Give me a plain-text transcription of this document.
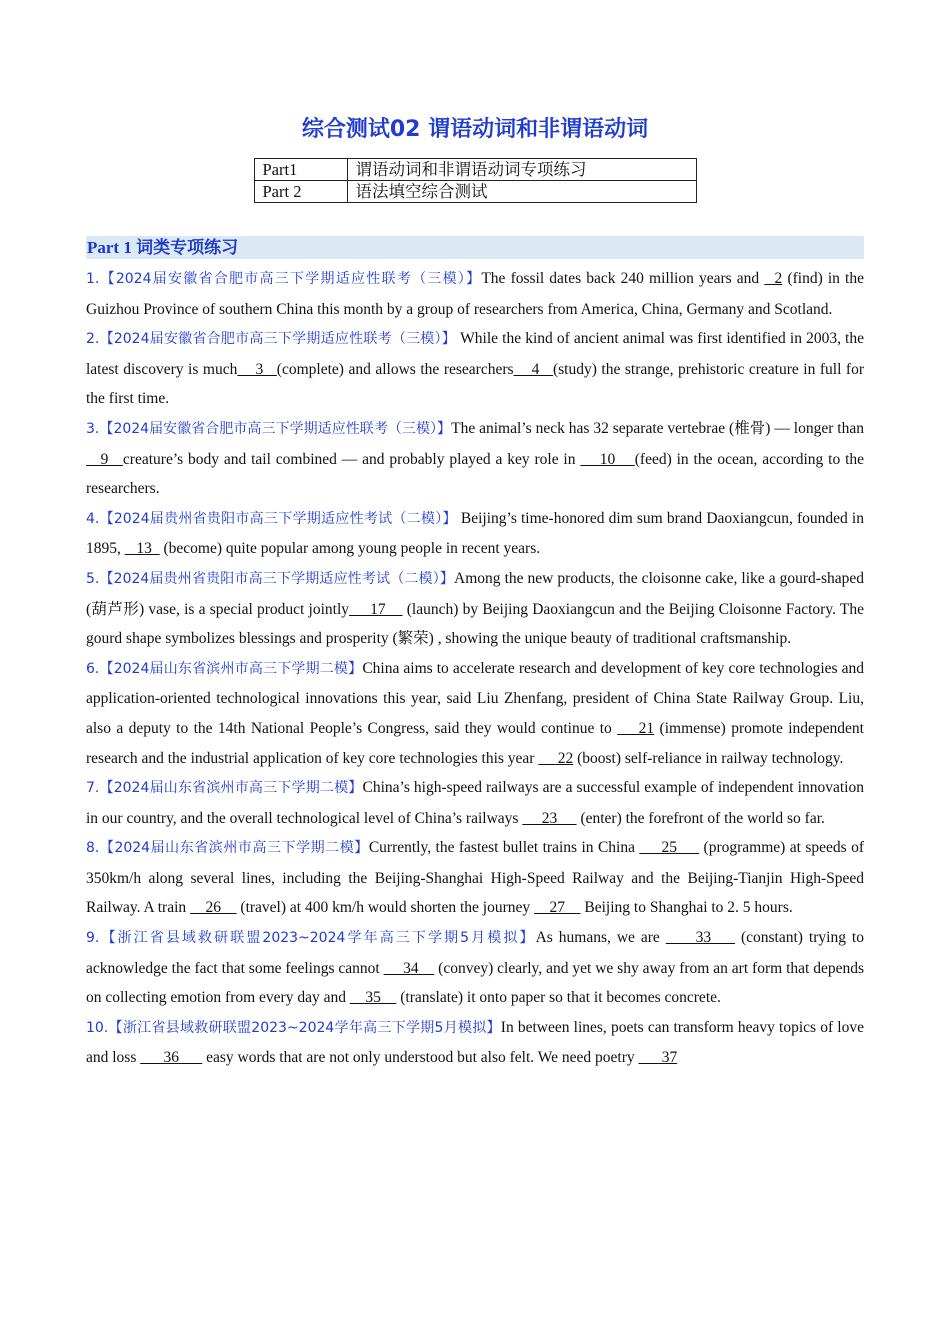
综合测试02 谓语动词和非谓语动词
Part1	谓语动词和非谓语动词专项练习
Part 2	语法填空综合测试
Part 1 词类专项练习
1.【2024届安徽省合肥市高三下学期适应性联考（三模）】The fossil dates back 240 million years and   2 (find) in the Guizhou Province of southern China this month by a group of researchers from America, China, Germany and Scotland.
2.【2024届安徽省合肥市高三下学期适应性联考（三模）】 While the kind of ancient animal was first identified in 2003, the latest discovery is much    3   (complete) and allows the researchers    4   (study) the strange, prehistoric creature in full for the first time.
3.【2024届安徽省合肥市高三下学期适应性联考（三模）】The animal’s neck has 32 separate vertebrae (椎骨) — longer than    9   creature’s body and tail combined — and probably played a key role in     10    (feed) in the ocean, according to the researchers.
4.【2024届贵州省贵阳市高三下学期适应性考试（二模）】 Beijing’s time-honored dim sum brand Daoxiangcun, founded in 1895,    13   (become) quite popular among young people in recent years.
5.【2024届贵州省贵阳市高三下学期适应性考试（二模）】Among the new products, the cloisonne cake, like a gourd-shaped (葫芦形) vase, is a special product jointly     17     (launch) by Beijing Daoxiangcun and the Beijing Cloisonne Factory. The gourd shape symbolizes blessings and prosperity (繁荣) , showing the unique beauty of traditional craftsmanship.
6.【2024届山东省滨州市高三下学期二模】China aims to accelerate research and development of key core technologies and application-oriented technological innovations this year, said Liu Zhenfang, president of China State Railway Group. Liu, also a deputy to the 14th National People’s Congress, said they would continue to     21 (immense) promote independent research and the industrial application of key core technologies this year      22 (boost) self-reliance in railway technology.
7.【2024届山东省滨州市高三下学期二模】China’s high-speed railways are a successful example of independent innovation in our country, and the overall technological level of China’s railways      23      (enter) the forefront of the world so far.
8.【2024届山东省滨州市高三下学期二模】Currently, the fastest bullet trains in China      25      (programme) at speeds of 350km/h along several lines, including the Beijing-Shanghai High-Speed Railway and the Beijing-Tianjin High-Speed Railway. A train     26     (travel) at 400 km/h would shorten the journey     27     Beijing to Shanghai to 2. 5 hours.
9.【浙江省县域救研联盟2023~2024学年高三下学期5月模拟】As humans, we are      33     (constant) trying to acknowledge the fact that some feelings cannot      34     (convey) clearly, and yet we shy away from an art form that depends on collecting emotion from every day and     35     (translate) it onto paper so that it becomes concrete.
10.【浙江省县域救研联盟2023~2024学年高三下学期5月模拟】In between lines, poets can transform heavy topics of love and loss       36       easy words that are not only understood but also felt. We need poetry       37
